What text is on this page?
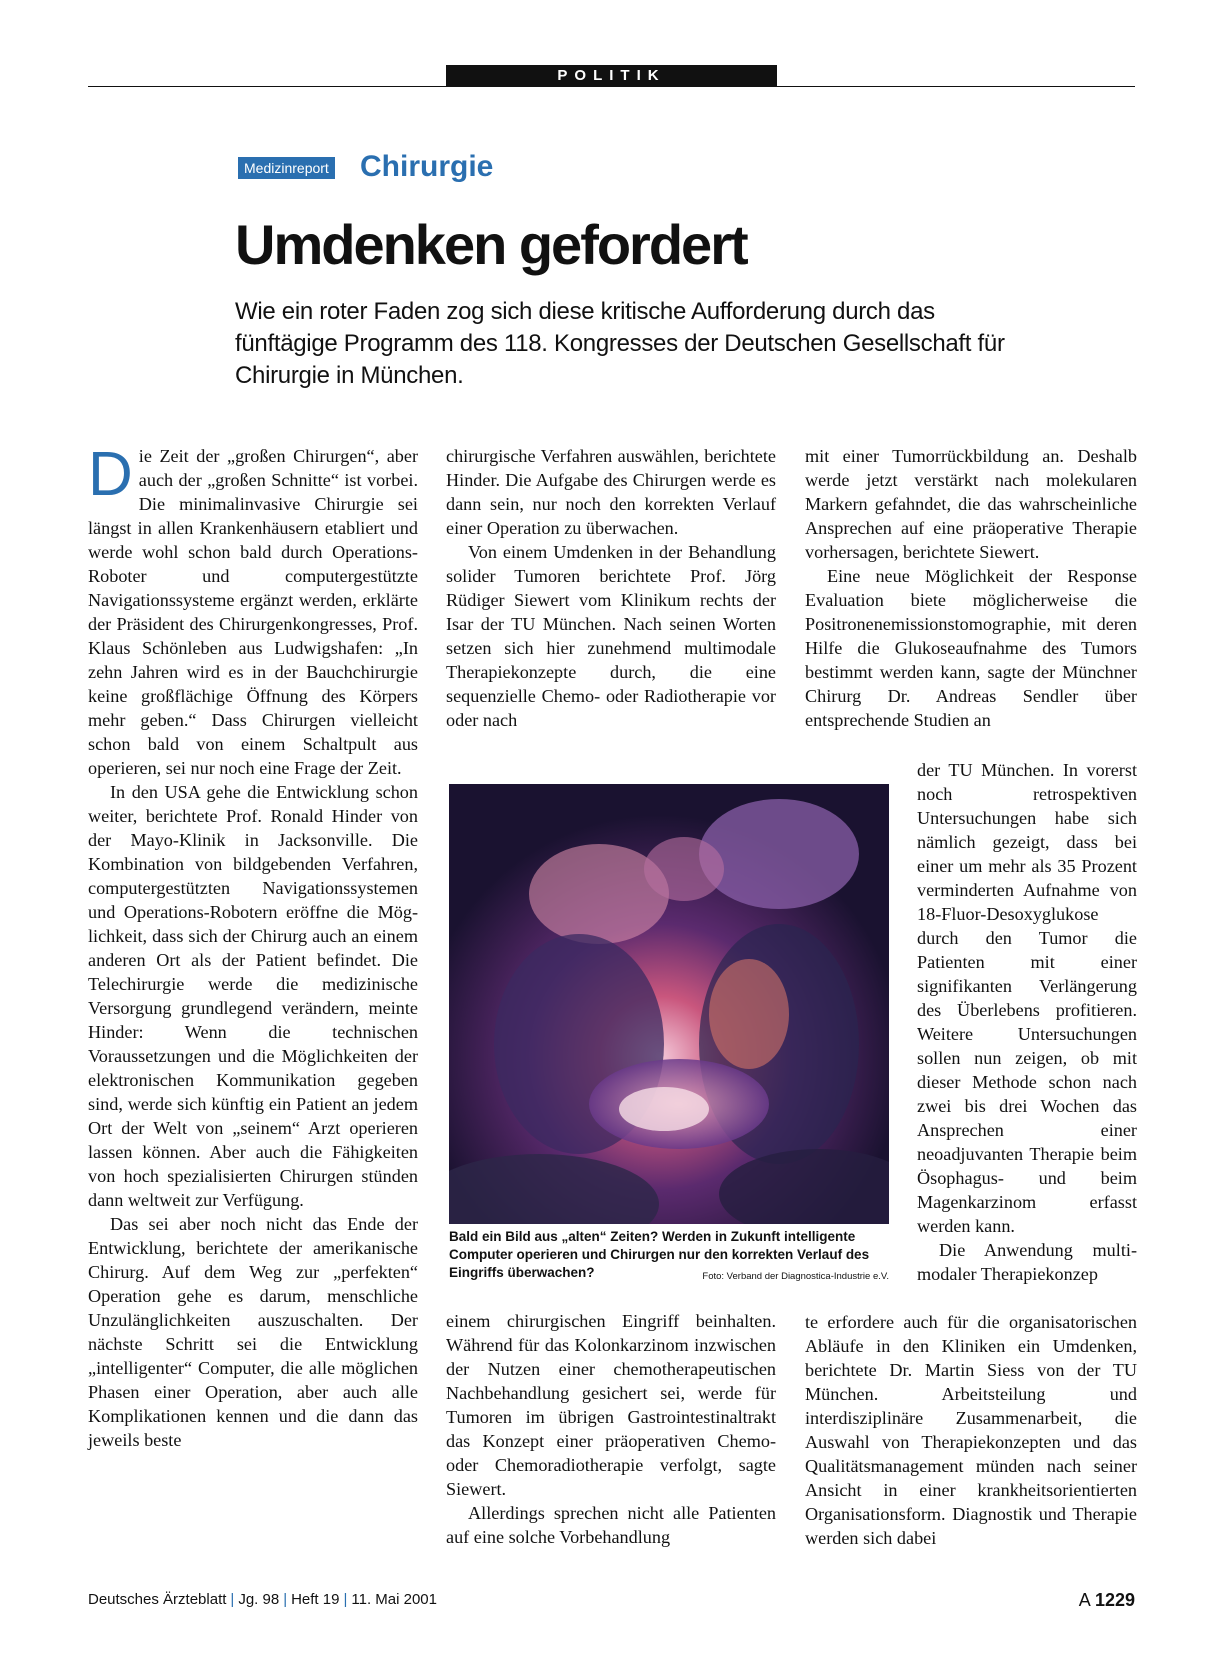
POLITIK
Medizinreport Chirurgie
Umdenken gefordert
Wie ein roter Faden zog sich diese kritische Aufforderung durch das fünftägige Programm des 118. Kongresses der Deutschen Gesellschaft für Chirurgie in München.

Die Zeit der „großen Chirurgen“, aber auch der „großen Schnitte“ ist vorbei. Die minimalinvasive Chirurgie sei längst in allen Krankenhäusern etabliert und werde wohl schon bald durch Operations-Roboter und computergestützte Navigationssysteme ergänzt werden, erklärte der Präsident des Chirurgenkongresses, Prof. Klaus Schönleben aus Ludwigshafen: „In zehn Jahren wird es in der Bauchchirurgie keine großflächige Öffnung des Körpers mehr geben.“ Dass Chirurgen vielleicht schon bald von einem Schaltpult aus operieren, sei nur noch eine Frage der Zeit.

In den USA gehe die Entwicklung schon weiter, berichtete Prof. Ronald Hinder von der Mayo-Klinik in Jacksonville. Die Kombination von bildgebenden Verfahren, computergestützten Navigationssystemen und Operations-Robotern eröffne die Möglichkeit, dass sich der Chirurg auch an einem anderen Ort als der Patient befindet. Die Telechirurgie werde die medizinische Versorgung grundlegend verändern, meinte Hinder: Wenn die technischen Voraussetzungen und die Möglichkeiten der elektronischen Kommunikation gegeben sind, werde sich künftig ein Patient an jedem Ort der Welt von „seinem“ Arzt operieren lassen können. Aber auch die Fähigkeiten von hoch spezialisierten Chirurgen stünden dann weltweit zur Verfügung.

Das sei aber noch nicht das Ende der Entwicklung, berichtete der amerikanische Chirurg. Auf dem Weg zur „perfekten“ Operation gehe es darum, menschliche Unzulänglichkeiten auszuschalten. Der nächste Schritt sei die Entwicklung „intelligenter“ Computer, die alle möglichen Phasen einer Operation, aber auch alle Komplikationen kennen und die dann das jeweils beste

chirurgische Verfahren auswählen, berichtete Hinder. Die Aufgabe des Chirurgen werde es dann sein, nur noch den korrekten Verlauf einer Operation zu überwachen.

Von einem Umdenken in der Behandlung solider Tumoren berichtete Prof. Jörg Rüdiger Siewert vom Klinikum rechts der Isar der TU München. Nach seinen Worten setzen sich hier zunehmend multimodale Therapiekonzepte durch, die eine sequenzielle Chemo- oder Radiotherapie vor oder nach

Bald ein Bild aus „alten“ Zeiten? Werden in Zukunft intelligente Computer operieren und Chirurgen nur den korrekten Verlauf des Eingriffs überwachen?	Foto: Verband der Diagnostica-Industrie e.V.

einem chirurgischen Eingriff beinhalten. Während für das Kolonkarzinom inzwischen der Nutzen einer chemotherapeutischen Nachbehandlung gesichert sei, werde für Tumoren im übrigen Gastrointestinaltrakt das Konzept einer präoperativen Chemo- oder Chemoradiotherapie verfolgt, sagte Siewert.

Allerdings sprechen nicht alle Patienten auf eine solche Vorbehandlung

mit einer Tumorrückbildung an. Deshalb werde jetzt verstärkt nach molekularen Markern gefahndet, die das wahrscheinliche Ansprechen auf eine präoperative Therapie vorhersagen, berichtete Siewert.

Eine neue Möglichkeit der Response Evaluation biete möglicherweise die Positronenemissionstomographie, mit deren Hilfe die Glukoseaufnahme des Tumors bestimmt werden kann, sagte der Münchner Chirurg Dr. Andreas Sendler über entsprechende Studien an

der TU München. In vorerst noch retrospektiven Untersuchungen habe sich nämlich gezeigt, dass bei einer um mehr als 35 Prozent verminderten Aufnahme von 18-Fluor-Desoxyglukose durch den Tumor die Patienten mit einer signifikanten Verlängerung des Überlebens profitieren. Weitere Untersuchungen sollen nun zeigen, ob mit dieser Methode schon nach zwei bis drei Wochen das Ansprechen einer neoadjuvanten Therapie beim Ösophagus- und beim Magenkarzinom erfasst werden kann.

Die Anwendung multimodaler Therapiekonzep

te erfordere auch für die organisatorischen Abläufe in den Kliniken ein Umdenken, berichtete Dr. Martin Siess von der TU München. Arbeitsteilung und interdisziplinäre Zusammenarbeit, die Auswahl von Therapiekonzepten und das Qualitätsmanagement münden nach seiner Ansicht in einer krankheitsorientierten Organisationsform. Diagnostik und Therapie werden sich dabei

Deutsches Ärzteblatt | Jg. 98 | Heft 19 | 11. Mai 2001	A 1229
